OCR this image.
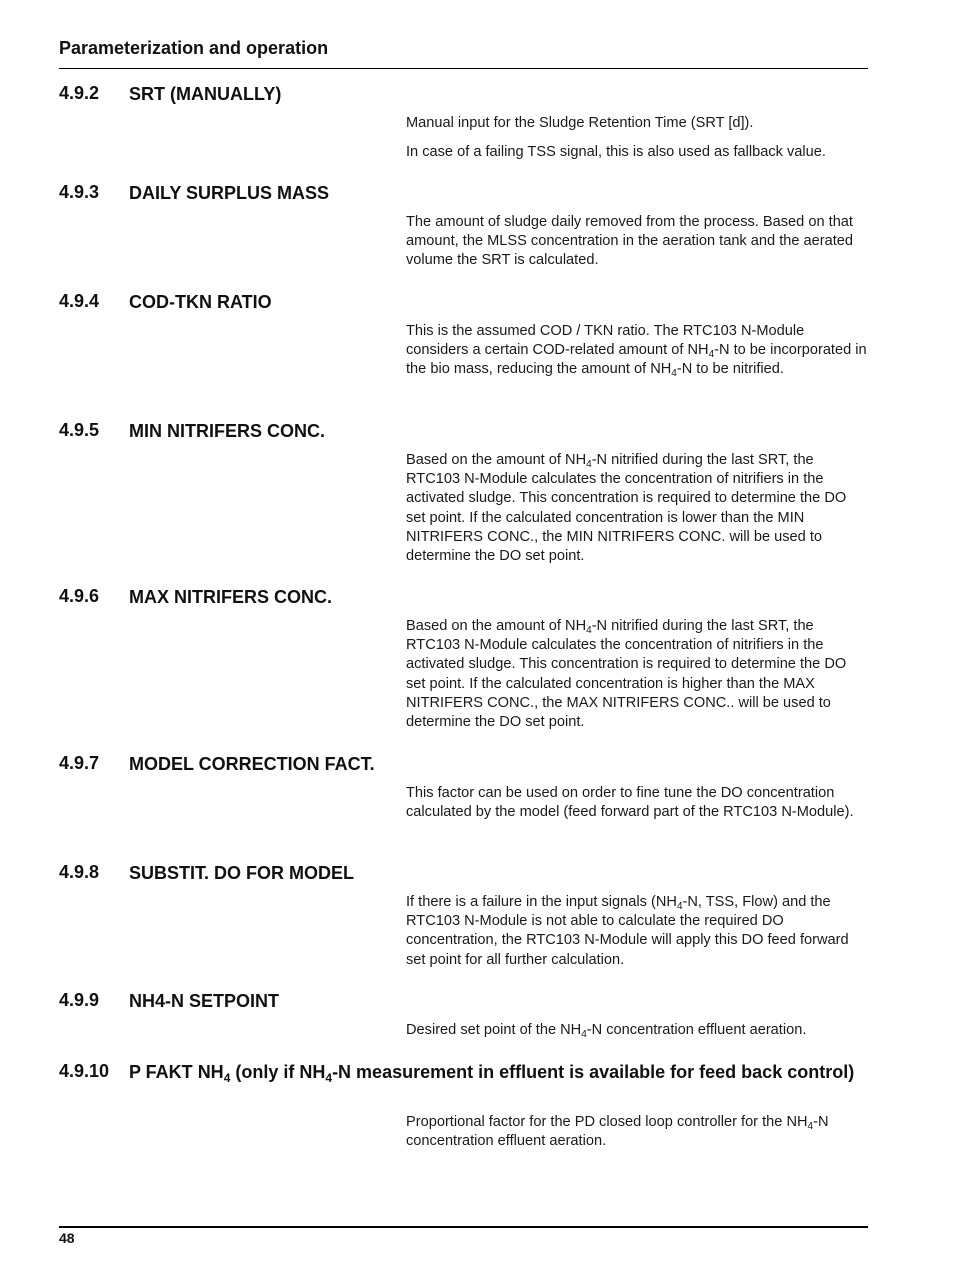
Parameterization and operation
4.9.2 SRT (MANUALLY)

Manual input for the Sludge Retention Time (SRT [d]).

In case of a failing TSS signal, this is also used as fallback value.

4.9.3 DAILY SURPLUS MASS

The amount of sludge daily removed from the process. Based on that amount, the MLSS concentration in the aeration tank and the aerated volume the SRT is calculated.

4.9.4 COD-TKN RATIO

This is the assumed COD / TKN ratio. The RTC103 N-Module considers a certain COD-related amount of $NH_4-N$ to be incorporated in the bio mass, reducing the amount of $NH_4-N$ to be nitrified.

4.9.5 MIN NITRIFERS CONC.

Based on the amount of $NH_4-N$ nitrified during the last SRT, the RTC103 N-Module calculates the concentration of nitrifiers in the activated sludge. This concentration is required to determine the DO set point. If the calculated concentration is lower than the MIN NITRIFERS CONC., the MIN NITRIFERS CONC. will be used to determine the DO set point.

4.9.6 MAX NITRIFERS CONC.

Based on the amount of $NH_4-N$ nitrified during the last SRT, the RTC103 N-Module calculates the concentration of nitrifiers in the activated sludge. This concentration is required to determine the DO set point. If the calculated concentration is higher than the MAX NITRIFERS CONC., the MAX NITRIFERS CONC.. will be used to determine the DO set point.

4.9.7 MODEL CORRECTION FACT.

This factor can be used on order to fine tune the DO concentration calculated by the model (feed forward part of the RTC103 N-Module).

4.9.8 SUBSTIT. DO FOR MODEL

If there is a failure in the input signals ($NH_4-N$, TSS, Flow) and the RTC103 N-Module is not able to calculate the required DO concentration, the RTC103 N-Module will apply this DO feed forward set point for all further calculation.

4.9.9 NH4-N SETPOINT

Desired set point of the $NH_4-N$ concentration effluent aeration.

4.9.10 P FAKT $NH_4$ (only if $NH_4-N$ measurement in effluent is available for feed back control)

Proportional factor for the PD closed loop controller for the $NH_4-N$ concentration effluent aeration.

48
